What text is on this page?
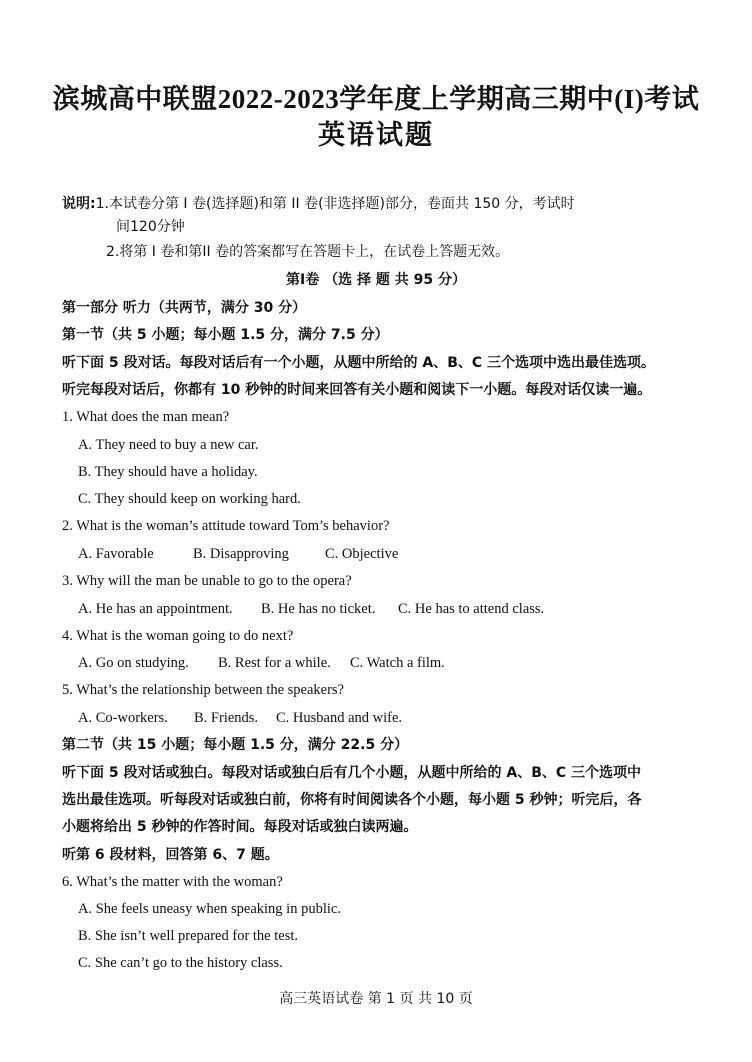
滨城高中联盟2022-2023学年度上学期高三期中(I)考试
英语试题
说明:1.本试卷分第 I 卷(选择题)和第 II 卷(非选择题)部分，卷面共 150 分，考试时
间120分钟
2.将第 I 卷和第II 卷的答案都写在答题卡上，在试卷上答题无效。
第Ⅰ卷 （选 择 题 共 95 分）
第一部分 听力（共两节，满分 30 分）
第一节（共 5 小题；每小题 1.5 分，满分 7.5 分）
听下面 5 段对话。每段对话后有一个小题，从题中所给的 A、B、C 三个选项中选出最佳选项。
听完每段对话后，你都有 10 秒钟的时间来回答有关小题和阅读下一小题。每段对话仅读一遍。
1. What does the man mean?
A. They need to buy a new car.
B. They should have a holiday.
C. They should keep on working hard.
2. What is the woman’s attitude toward Tom’s behavior?
A. Favorable	B. Disapproving C. Objective
3. Why will the man be unable to go to the opera?
A. He has an appointment. B. He has no ticket. C. He has to attend class.
4. What is the woman going to do next?
A. Go on studying. B. Rest for a while. C. Watch a film.
5. What’s the relationship between the speakers?
A. Co-workers. B. Friends. C. Husband and wife.
第二节（共 15 小题；每小题 1.5 分，满分 22.5 分）
听下面 5 段对话或独白。每段对话或独白后有几个小题，从题中所给的 A、B、C 三个选项中
选出最佳选项。听每段对话或独白前，你将有时间阅读各个小题，每小题 5 秒钟；听完后，各
小题将给出 5 秒钟的作答时间。每段对话或独白读两遍。
听第 6 段材料，回答第 6、7 题。
6. What’s the matter with the woman?
A. She feels uneasy when speaking in public.
B. She isn’t well prepared for the test.
C. She can’t go to the history class.
高三英语试卷 第 1 页 共 10 页
